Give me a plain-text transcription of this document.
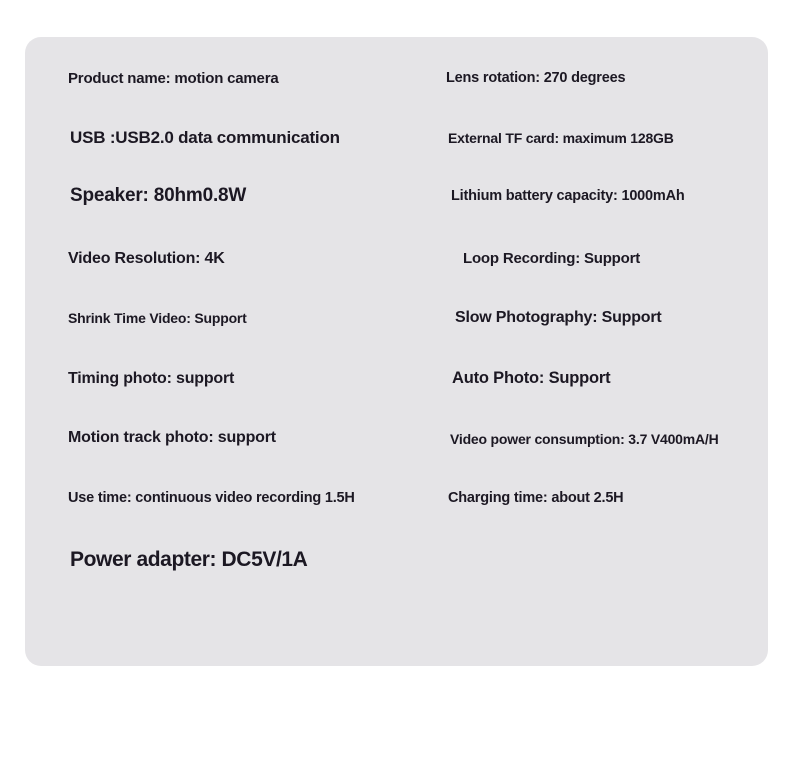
Product name: motion camera	Lens rotation: 270 degrees
USB :USB2.0 data communication	External TF card: maximum 128GB
Speaker: 80hm0.8W	Lithium battery capacity: 1000mAh
Video Resolution: 4K	Loop Recording: Support
Shrink Time Video: Support	Slow Photography: Support
Timing photo: support	Auto Photo: Support
Motion track photo: support	Video power consumption: 3.7 V400mA/H
Use time: continuous video recording 1.5H	Charging time: about 2.5H
Power adapter: DC5V/1A
